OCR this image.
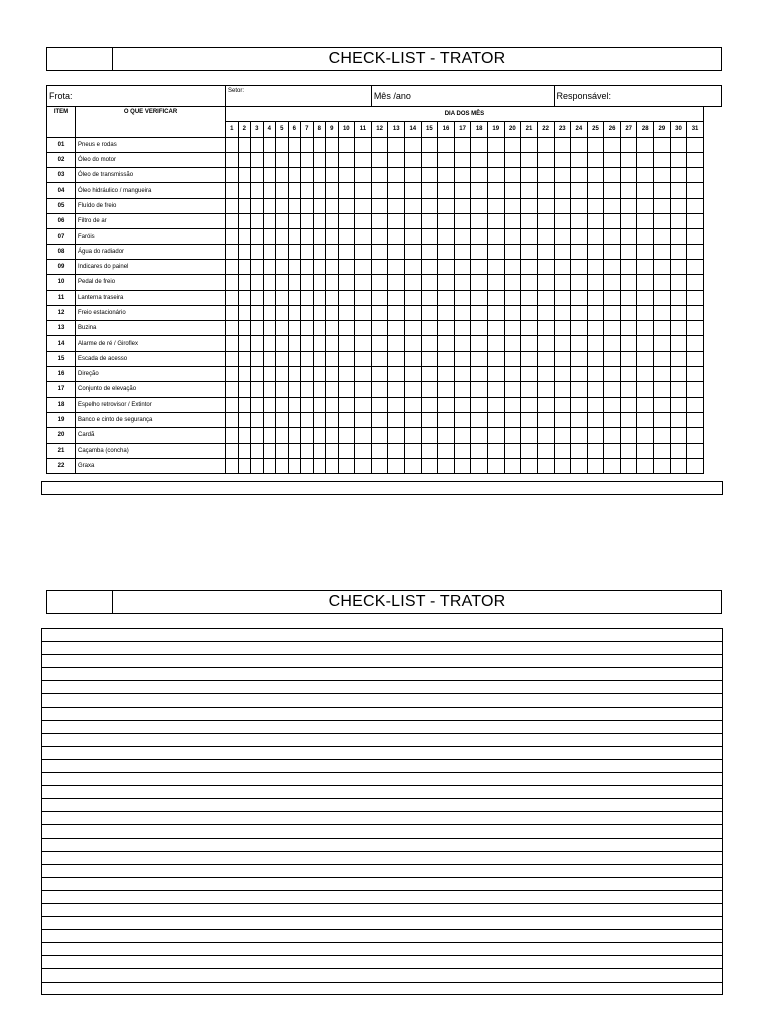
CHECK-LIST - TRATOR
Frota:		Setor:											Mês /ano											Responsável:								
ITEM	O QUE VERIFICAR	DIA DOS MÊS																														
		1	2	3	4	5	6	7	8	9	10	11	12	13	14	15	16	17	18	19	20	21	22	23	24	25	26	27	28	29	30	31
01	Pneus e rodas																															
02	Óleo do motor																															
03	Óleo de transmissão																															
04	Óleo hidráulico / mangueira																															
05	Fluído de freio																															
06	Filtro de ar																															
07	Faróis																															
08	Água do radiador																															
09	Indicares do painel																															
10	Pedal de freio																															
11	Lanterna traseira																															
12	Freio estacionário																															
13	Buzina																															
14	Alarme de ré / Giroflex																															
15	Escada de acesso																															
16	Direção																															
17	Conjunto de elevação																															
18	Espelho retrovisor / Extintor																															
19	Banco e cinto de segurança																															
20	Cardã																															
21	Caçamba (concha)																															
22	Graxa																															
CHECK-LIST - TRATOR
